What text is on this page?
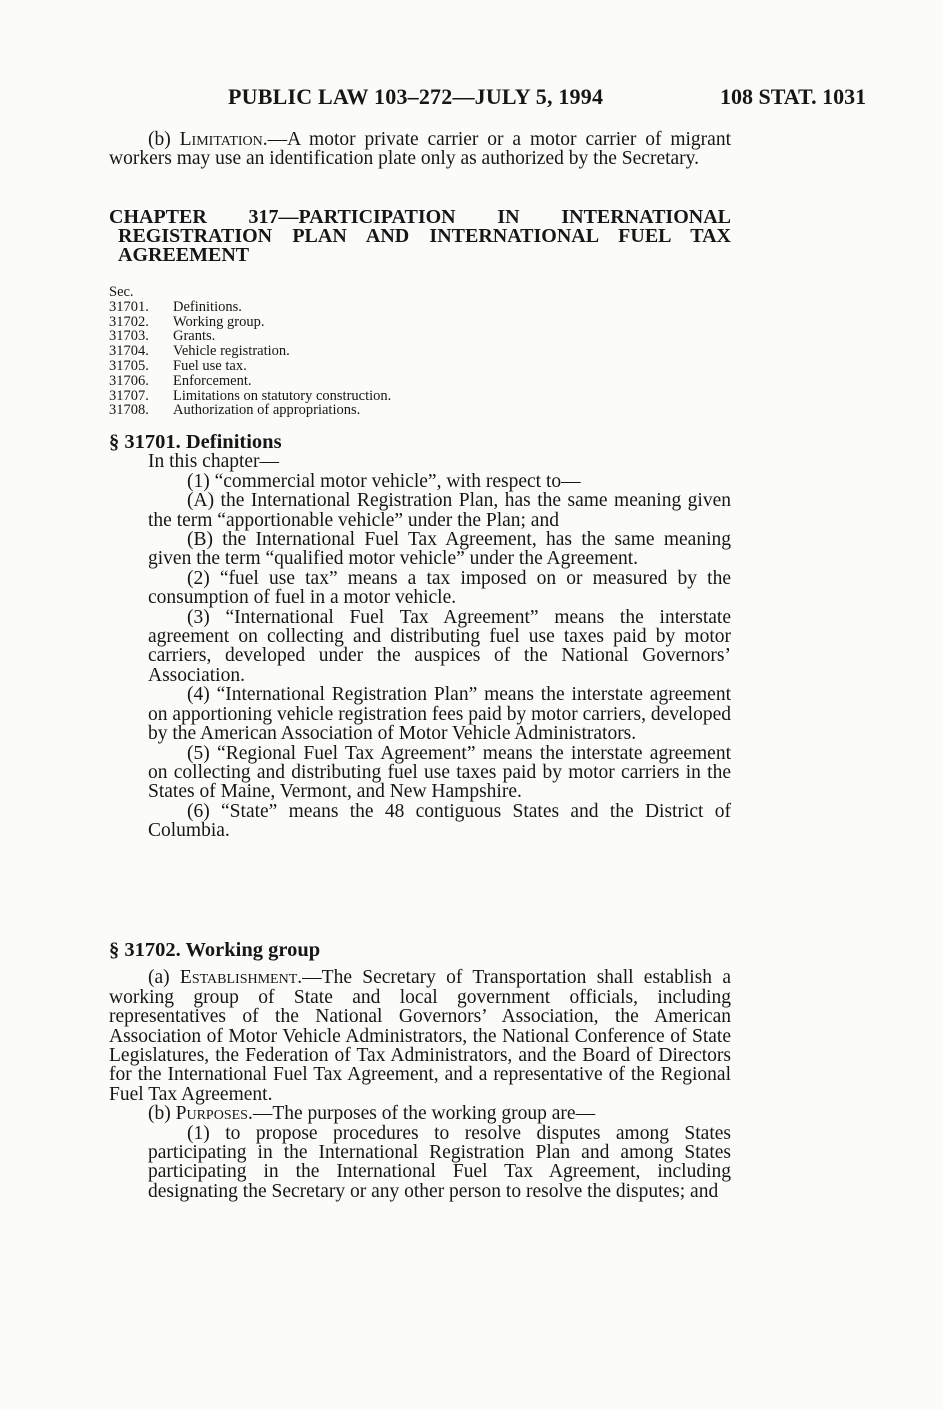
PUBLIC LAW 103–272—JULY 5, 1994	108 STAT. 1031

(b) Limitation.—A motor private carrier or a motor carrier of migrant workers may use an identification plate only as authorized by the Secretary.

CHAPTER 317—PARTICIPATION IN INTERNATIONAL
REGISTRATION PLAN AND INTERNATIONAL FUEL TAX AGREEMENT

Sec.
31701.	Definitions.
31702.	Working group.
31703.	Grants.
31704.	Vehicle registration.
31705.	Fuel use tax.
31706.	Enforcement.
31707.	Limitations on statutory construction.
31708.	Authorization of appropriations.

§ 31701. Definitions

In this chapter—

(1) “commercial motor vehicle”, with respect to—

(A) the International Registration Plan, has the same meaning given the term “apportionable vehicle” under the Plan; and

(B) the International Fuel Tax Agreement, has the same meaning given the term “qualified motor vehicle” under the Agreement.

(2) “fuel use tax” means a tax imposed on or measured by the consumption of fuel in a motor vehicle.

(3) “International Fuel Tax Agreement” means the interstate agreement on collecting and distributing fuel use taxes paid by motor carriers, developed under the auspices of the National Governors’ Association.

(4) “International Registration Plan” means the interstate agreement on apportioning vehicle registration fees paid by motor carriers, developed by the American Association of Motor Vehicle Administrators.

(5) “Regional Fuel Tax Agreement” means the interstate agreement on collecting and distributing fuel use taxes paid by motor carriers in the States of Maine, Vermont, and New Hampshire.

(6) “State” means the 48 contiguous States and the District of Columbia.

§ 31702. Working group

(a) Establishment.—The Secretary of Transportation shall establish a working group of State and local government officials, including representatives of the National Governors’ Association, the American Association of Motor Vehicle Administrators, the National Conference of State Legislatures, the Federation of Tax Administrators, and the Board of Directors for the International Fuel Tax Agreement, and a representative of the Regional Fuel Tax Agreement.

(b) Purposes.—The purposes of the working group are—

(1) to propose procedures to resolve disputes among States participating in the International Registration Plan and among States participating in the International Fuel Tax Agreement, including designating the Secretary or any other person to resolve the disputes; and
